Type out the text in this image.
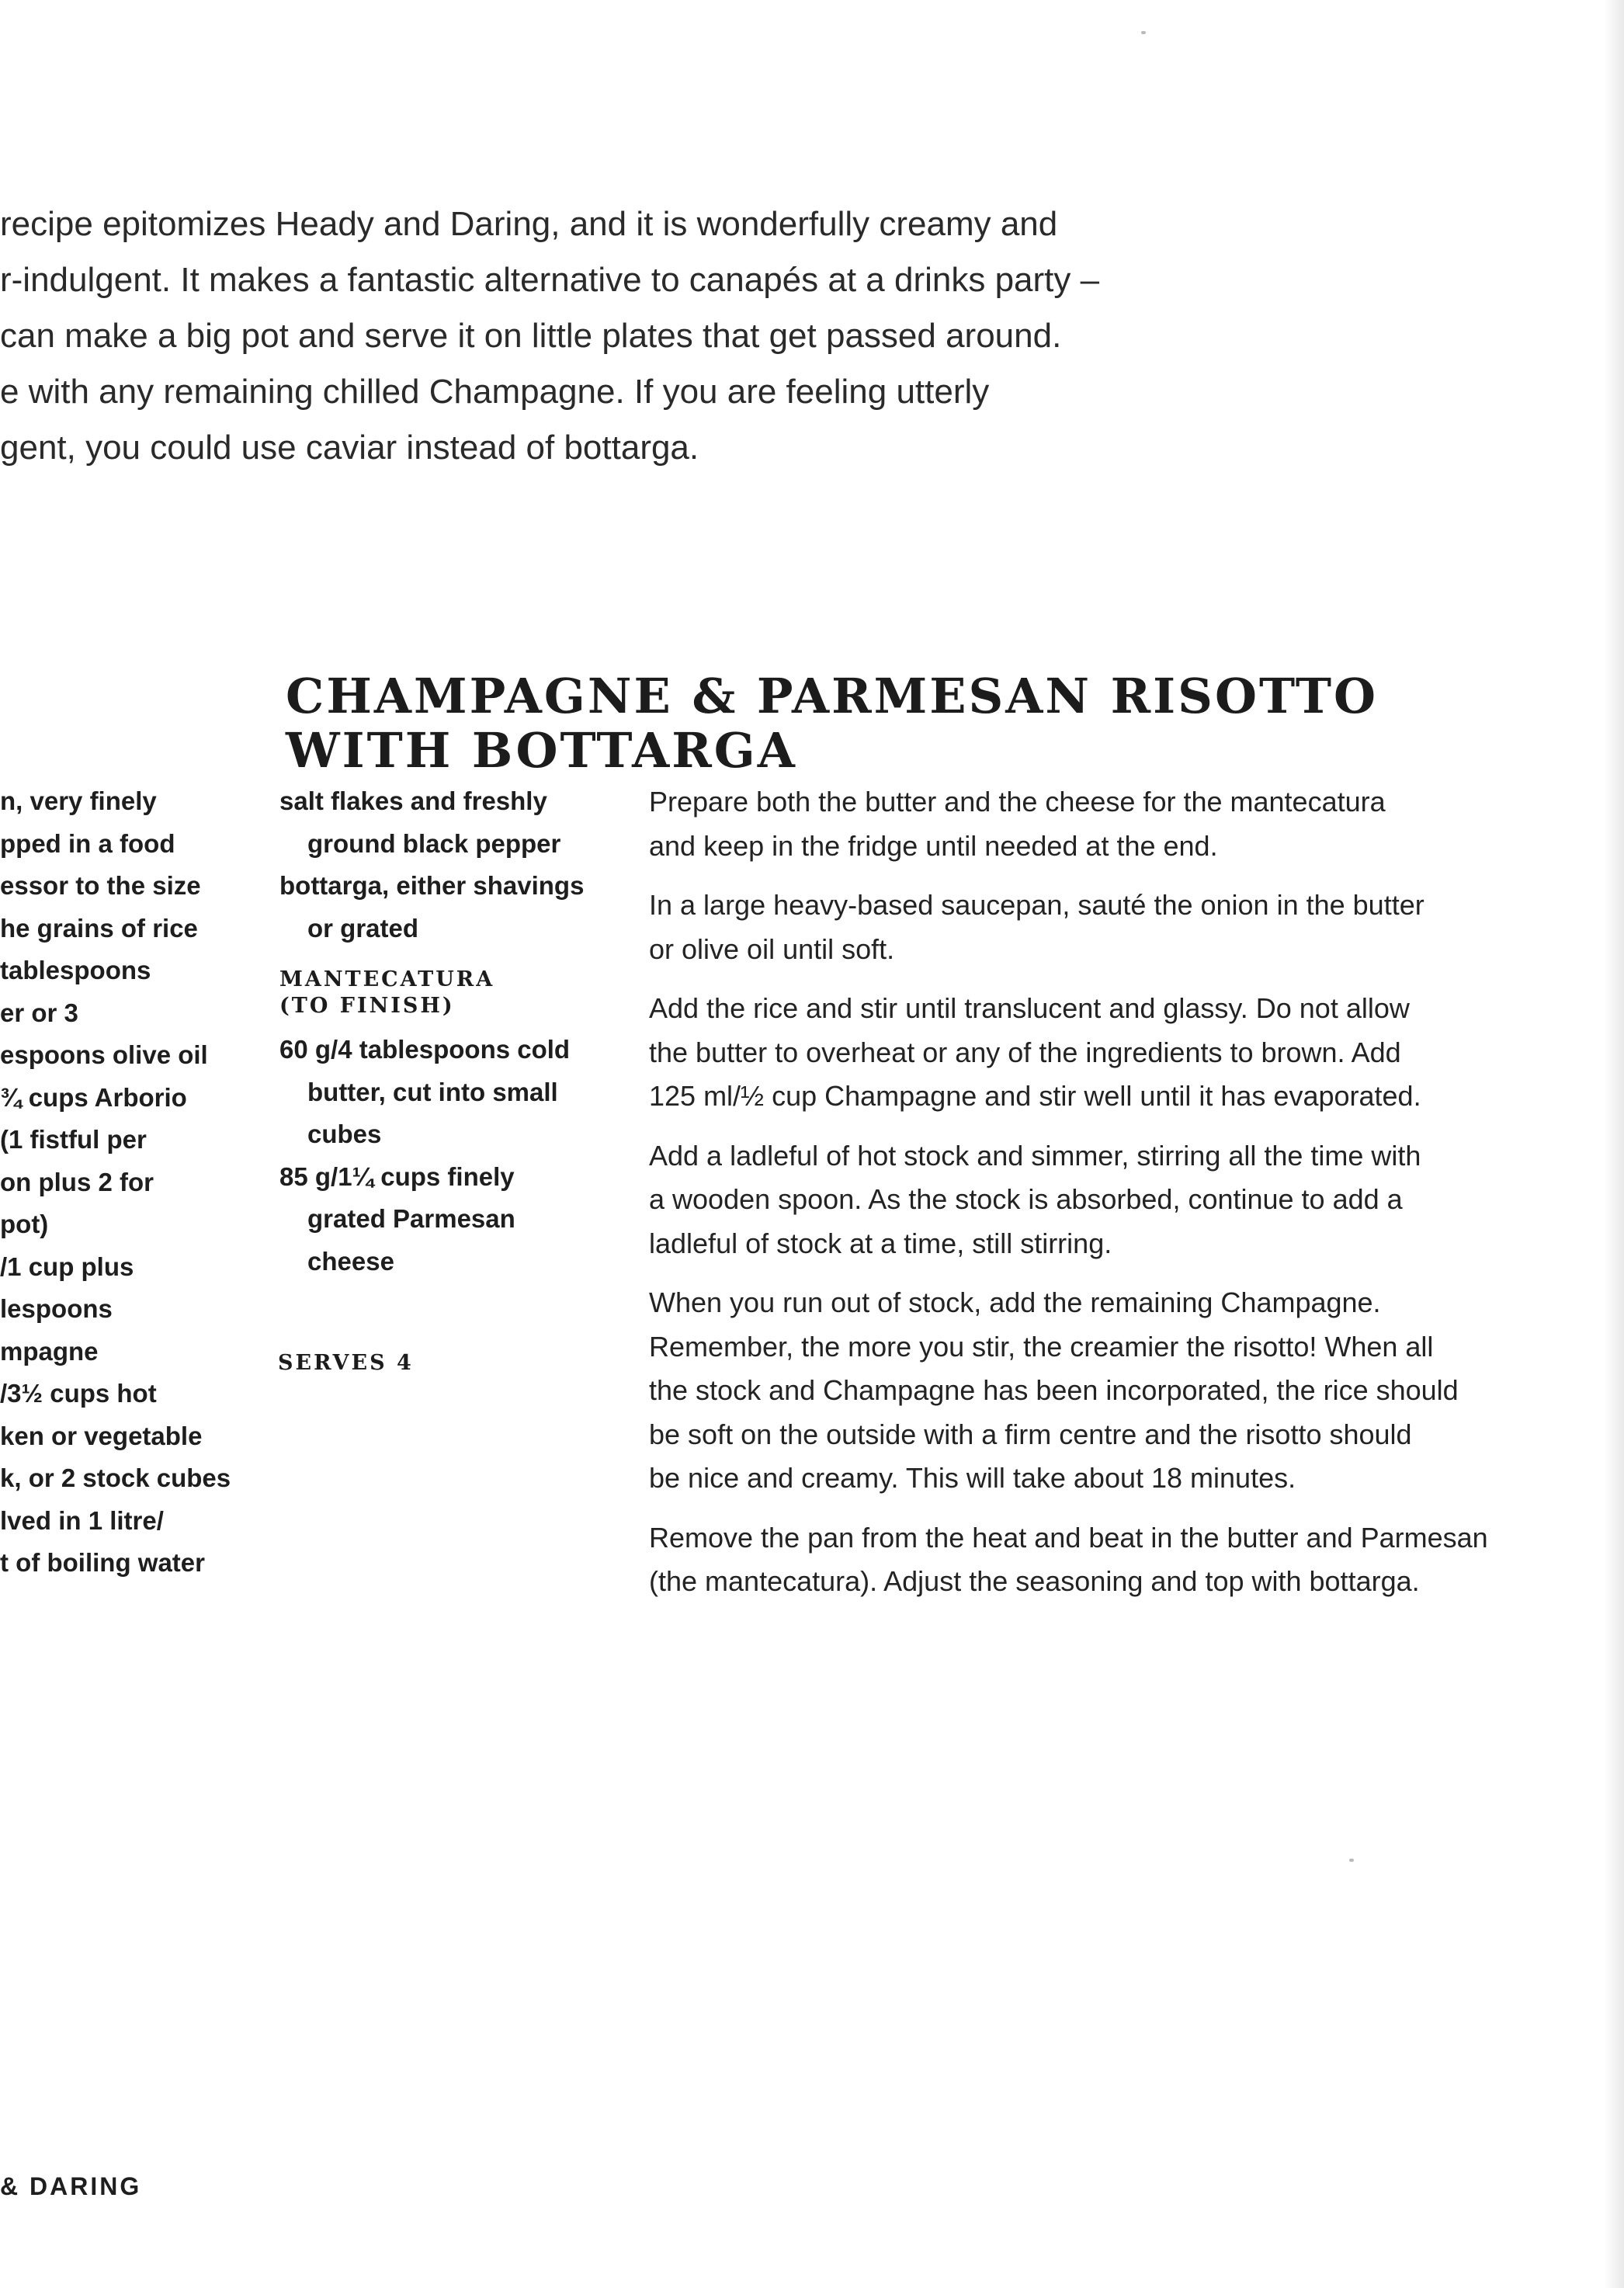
recipe epitomizes Heady and Daring, and it is wonderfully creamy and
r-indulgent. It makes a fantastic alternative to canapés at a drinks party –
can make a big pot and serve it on little plates that get passed around.
e with any remaining chilled Champagne. If you are feeling utterly
gent, you could use caviar instead of bottarga.
CHAMPAGNE & PARMESAN RISOTTO
WITH BOTTARGA
n, very finely
pped in a food
essor to the size
he grains of rice
tablespoons
er or 3
espoons olive oil
¾ cups Arborio
(1 fistful per
on plus 2 for
pot)
/1 cup plus
lespoons
mpagne
/3½ cups hot
ken or vegetable
k, or 2 stock cubes
lved in 1 litre/
t of boiling water
salt flakes and freshly
ground black pepper
bottarga, either shavings
or grated
MANTECATURA
(TO FINISH)
60 g/4 tablespoons cold
butter, cut into small
cubes
85 g/1¼ cups finely
grated Parmesan
cheese
SERVES 4
Prepare both the butter and the cheese for the mantecatura
and keep in the fridge until needed at the end.
In a large heavy-based saucepan, sauté the onion in the butter
or olive oil until soft.
Add the rice and stir until translucent and glassy. Do not allow
the butter to overheat or any of the ingredients to brown. Add
125 ml/½ cup Champagne and stir well until it has evaporated.
Add a ladleful of hot stock and simmer, stirring all the time with
a wooden spoon. As the stock is absorbed, continue to add a
ladleful of stock at a time, still stirring.
When you run out of stock, add the remaining Champagne.
Remember, the more you stir, the creamier the risotto! When all
the stock and Champagne has been incorporated, the rice should
be soft on the outside with a firm centre and the risotto should
be nice and creamy. This will take about 18 minutes.
Remove the pan from the heat and beat in the butter and Parmesan
(the mantecatura). Adjust the seasoning and top with bottarga.
& DARING
